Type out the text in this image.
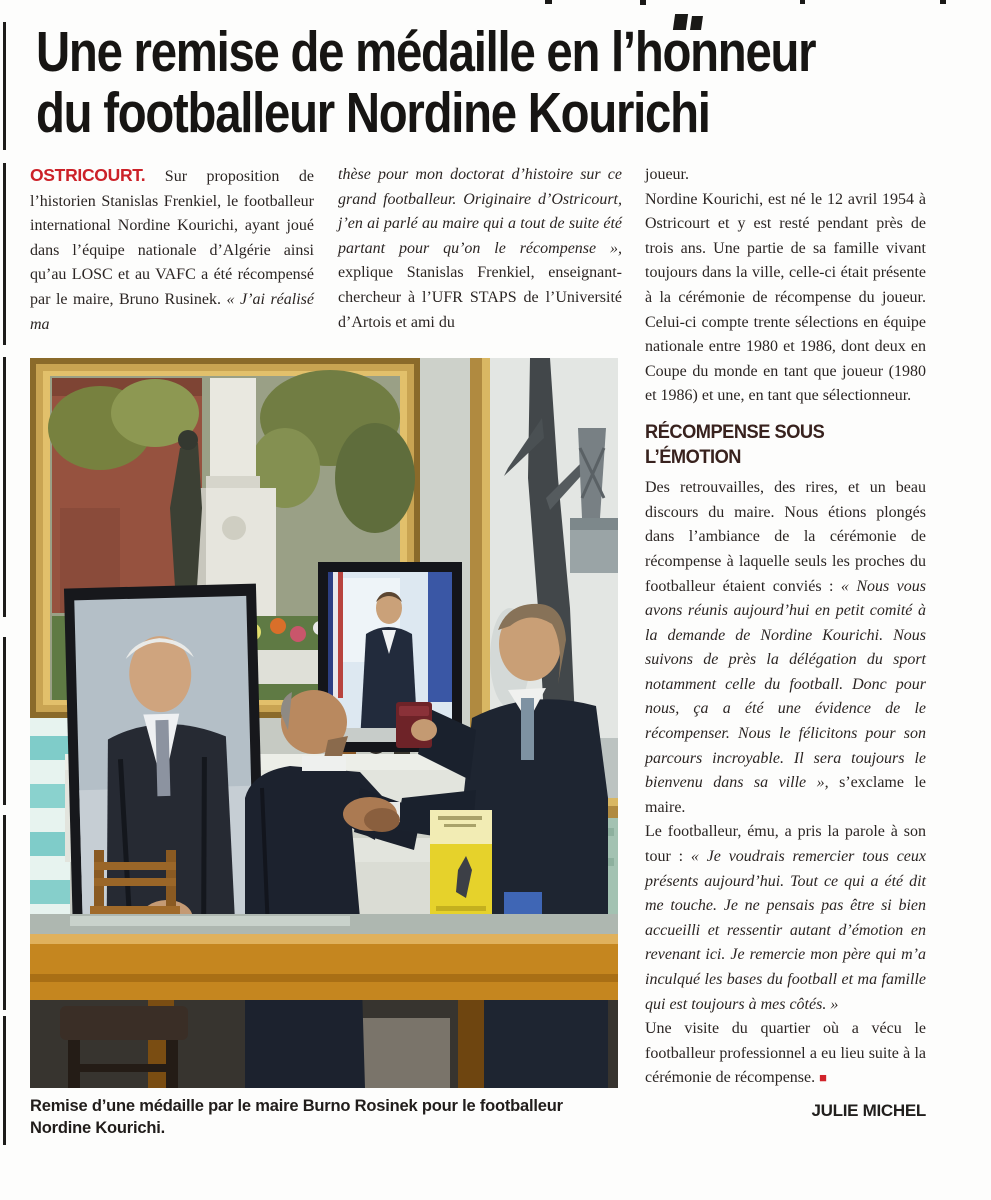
Une remise de médaille en l’honneur
du footballeur Nordine Kourichi

OSTRICOURT. Sur proposition de l’historien Stanislas Frenkiel, le footballeur international Nordine Kourichi, ayant joué dans l’équipe nationale d’Algérie ainsi qu’au LOSC et au VAFC a été récompensé par le maire, Bruno Rusinek. « J’ai réalisé ma

thèse pour mon doctorat d’histoire sur ce grand footballeur. Originaire d’Ostricourt, j’en ai parlé au maire qui a tout de suite été partant pour qu’on le récompense », explique Stanislas Frenkiel, enseignant-chercheur à l’UFR STAPS de l’Université d’Artois et ami du

joueur.

Nordine Kourichi, est né le 12 avril 1954 à Ostricourt et y est resté pendant près de trois ans. Une partie de sa famille vivant toujours dans la ville, celle-ci était présente à la cérémonie de récompense du joueur. Celui-ci compte trente sélections en équipe nationale entre 1980 et 1986, dont deux en Coupe du monde en tant que joueur (1980 et 1986) et une, en tant que sélectionneur.

RÉCOMPENSE SOUS L’ÉMOTION

Des retrouvailles, des rires, et un beau discours du maire. Nous étions plongés dans l’ambiance de la cérémonie de récompense à laquelle seuls les proches du footballeur étaient conviés : « Nous vous avons réunis aujourd’hui en petit comité à la demande de Nordine Kourichi. Nous suivons de près la délégation du sport notamment celle du football. Donc pour nous, ça a été une évidence de le récompenser. Nous le félicitons pour son parcours incroyable. Il sera toujours le bienvenu dans sa ville », s’exclame le maire.

Le footballeur, ému, a pris la parole à son tour : « Je voudrais remercier tous ceux présents aujourd’hui. Tout ce qui a été dit me touche. Je ne pensais pas être si bien accueilli et ressentir autant d’émotion en revenant ici. Je remercie mon père qui m’a inculqué les bases du football et ma famille qui est toujours à mes côtés. »

Une visite du quartier où a vécu le footballeur professionnel a eu lieu suite à la cérémonie de récompense. ■

JULIE MICHEL
Remise d’une médaille par le maire Burno Rosinek pour le footballeur Nordine Kourichi.
